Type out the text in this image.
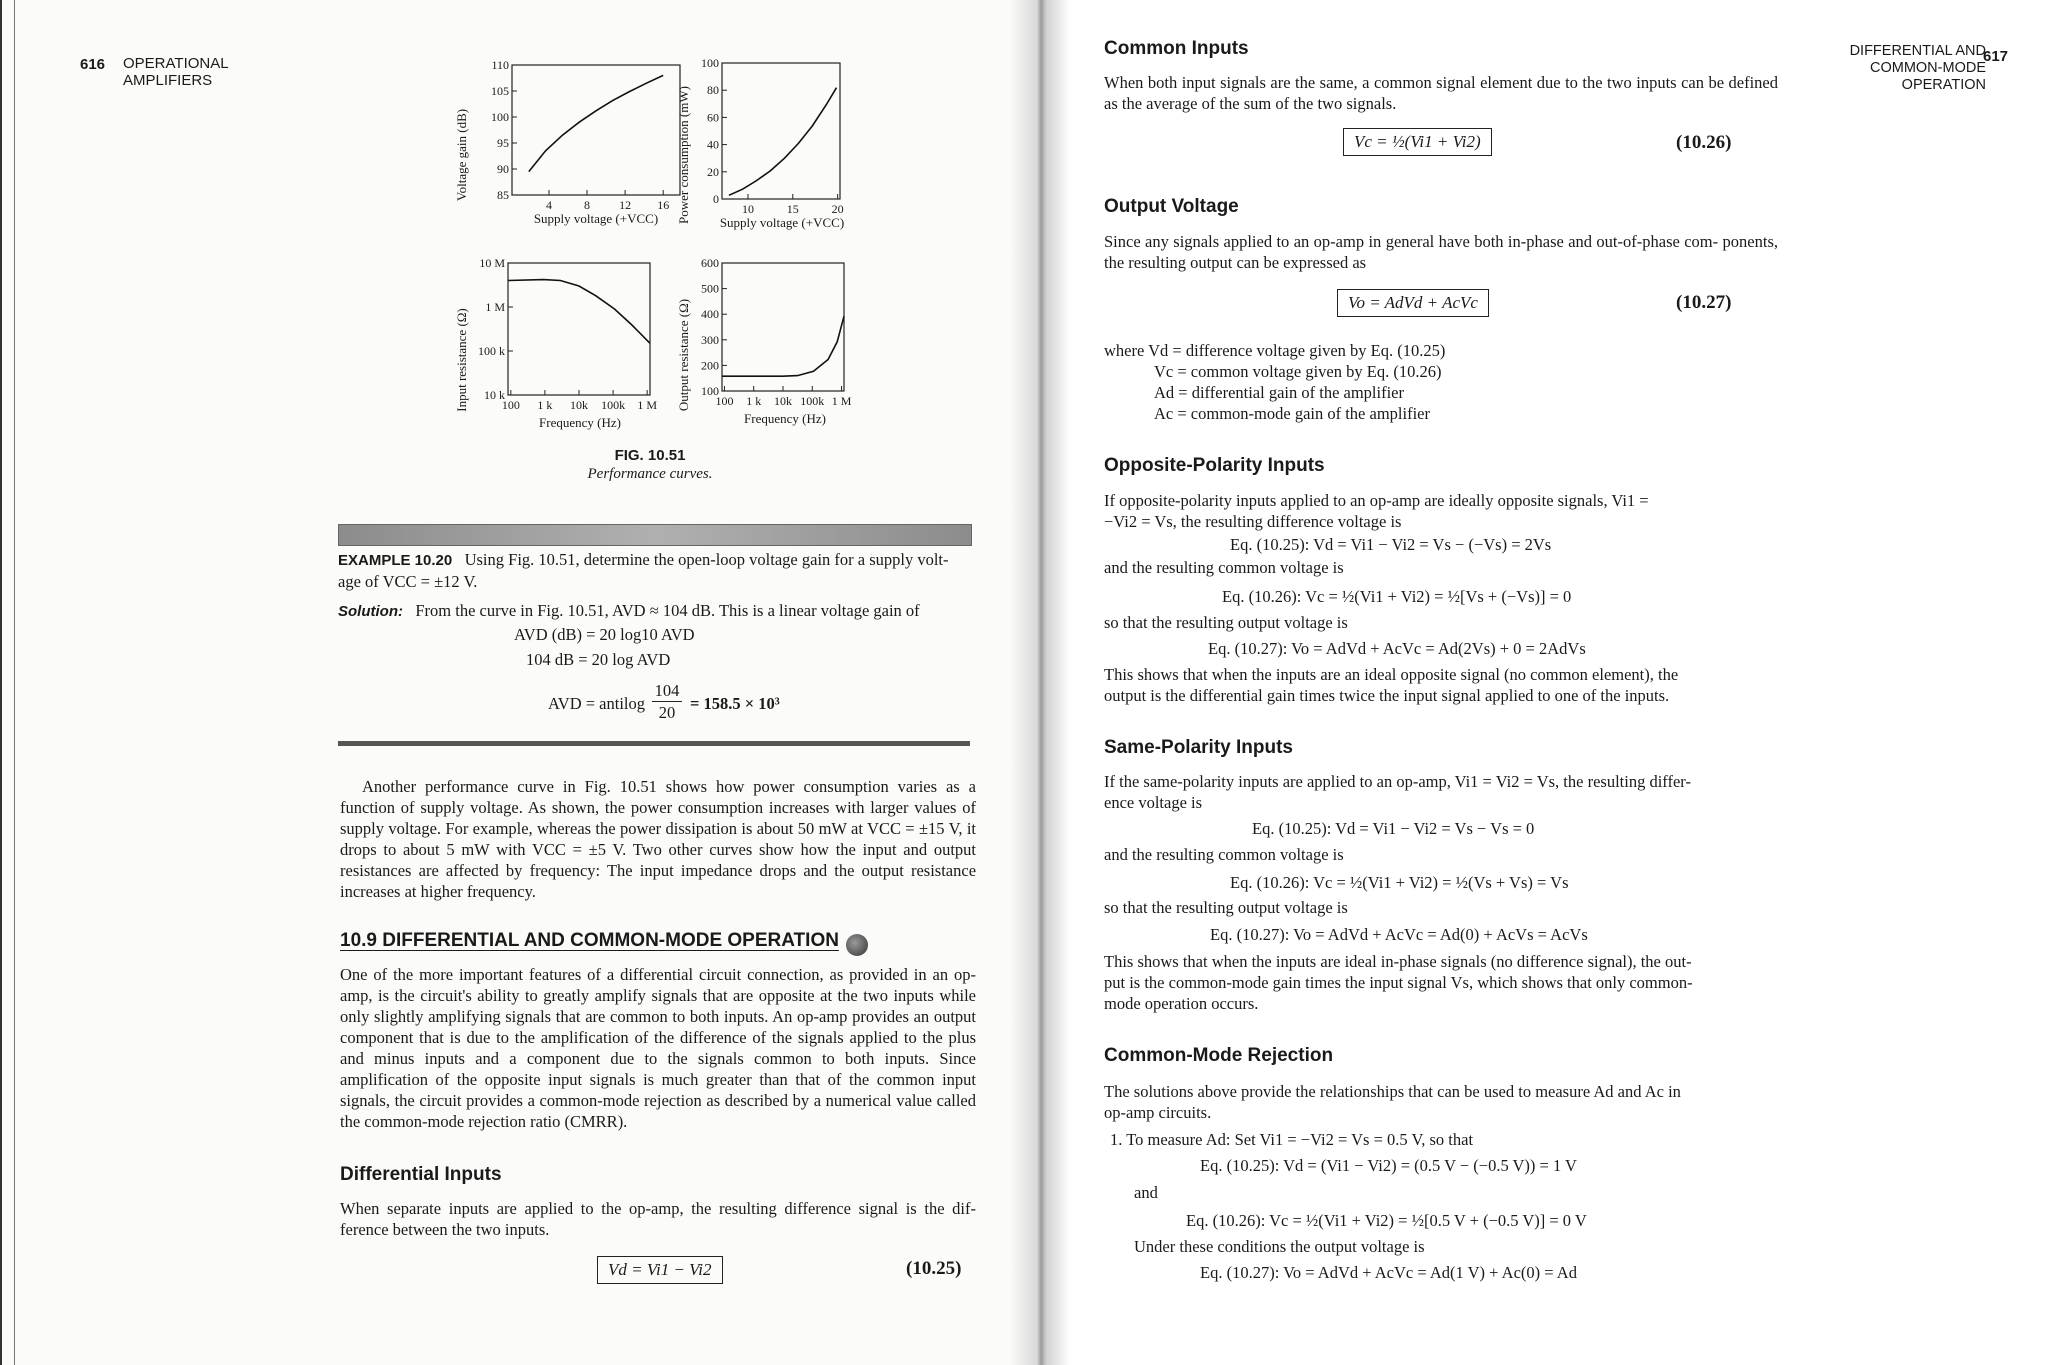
616 OPERATIONAL
AMPLIFIERS
Voltage gain (dB)
110
105
100
95
90
85
4	8 12 16
Supply voltage (+VCC) Power consumption (mW)
100
80
60
40
20
0
10	15	20
Supply voltage (+VCC)
Input resistance (Ω)
10 M
1 M
100 k
10 k
100 1 k 10k 100k 1 M
Frequency (Hz)
Output resistance (Ω)
600
500
400
300
200
100
100 1 k 10k 100k 1 M
Frequency (Hz)
FIG. 10.51
Performance curves.
EXAMPLE 10.20 Using Fig. 10.51, determine the open-loop voltage gain for a supply volt-
age of VCC = ±12 V.
Solution: From the curve in Fig. 10.51, AVD ≈ 104 dB. This is a linear voltage gain of
AVD (dB) = 20 log10 AVD
104 dB = 20 log AVD
AVD = antilog
104
20 = 158.5 × 10³
Another performance curve in Fig. 10.51 shows how power consumption varies as a function of supply voltage. As shown, the power consumption increases with larger values of supply voltage. For example, whereas the power dissipation is about 50 mW at VCC = ±15 V, it drops to about 5 mW with VCC = ±5 V. Two other curves show how the input and output resistances are affected by frequency: The input impedance drops and the output resistance increases at higher frequency.
10.9 DIFFERENTIAL AND COMMON-MODE OPERATION
One of the more important features of a differential circuit connection, as provided in an op-amp, is the circuit's ability to greatly amplify signals that are opposite at the two inputs while only slightly amplifying signals that are common to both inputs. An op-amp provides an output component that is due to the amplification of the difference of the signals applied to the plus and minus inputs and a component due to the signals common to both inputs. Since amplification of the opposite input signals is much greater than that of the common input signals, the circuit provides a common-mode rejection as described by a numerical value called the common-mode rejection ratio (CMRR).
Differential Inputs
When separate inputs are applied to the op-amp, the resulting difference signal is the dif- ference between the two inputs.
Vd = Vi1 − Vi2	(10.25)
617
DIFFERENTIAL AND
COMMON-MODE
OPERATION
Common Inputs
When both input signals are the same, a common signal element due to the two inputs can be defined as the average of the sum of the two signals.
Vc = ½(Vi1 + Vi2)	(10.26)
Output Voltage
Since any signals applied to an op-amp in general have both in-phase and out-of-phase com- ponents, the resulting output can be expressed as
Vo = AdVd + AcVc	(10.27)
where Vd = difference voltage given by Eq. (10.25)
Vc = common voltage given by Eq. (10.26)
Ad = differential gain of the amplifier
Ac = common-mode gain of the amplifier
Opposite-Polarity Inputs
If opposite-polarity inputs applied to an op-amp are ideally opposite signals, Vi1 =
−Vi2 = Vs, the resulting difference voltage is
Eq. (10.25): Vd = Vi1 − Vi2 = Vs − (−Vs) = 2Vs
and the resulting common voltage is
Eq. (10.26): Vc = ½(Vi1 + Vi2) = ½[Vs + (−Vs)] = 0
so that the resulting output voltage is
Eq. (10.27): Vo = AdVd + AcVc = Ad(2Vs) + 0 = 2AdVs
This shows that when the inputs are an ideal opposite signal (no common element), the
output is the differential gain times twice the input signal applied to one of the inputs.
Same-Polarity Inputs
If the same-polarity inputs are applied to an op-amp, Vi1 = Vi2 = Vs, the resulting differ-
ence voltage is
Eq. (10.25): Vd = Vi1 − Vi2 = Vs − Vs = 0
and the resulting common voltage is
Eq. (10.26): Vc = ½(Vi1 + Vi2) = ½(Vs + Vs) = Vs
so that the resulting output voltage is
Eq. (10.27): Vo = AdVd + AcVc = Ad(0) + AcVs = AcVs
This shows that when the inputs are ideal in-phase signals (no difference signal), the out-
put is the common-mode gain times the input signal Vs, which shows that only common-
mode operation occurs.
Common-Mode Rejection
The solutions above provide the relationships that can be used to measure Ad and Ac in
op-amp circuits.
1. To measure Ad: Set Vi1 = −Vi2 = Vs = 0.5 V, so that
Eq. (10.25): Vd = (Vi1 − Vi2) = (0.5 V − (−0.5 V)) = 1 V
and
Eq. (10.26): Vc = ½(Vi1 + Vi2) = ½[0.5 V + (−0.5 V)] = 0 V
Under these conditions the output voltage is
Eq. (10.27): Vo = AdVd + AcVc = Ad(1 V) + Ac(0) = Ad
